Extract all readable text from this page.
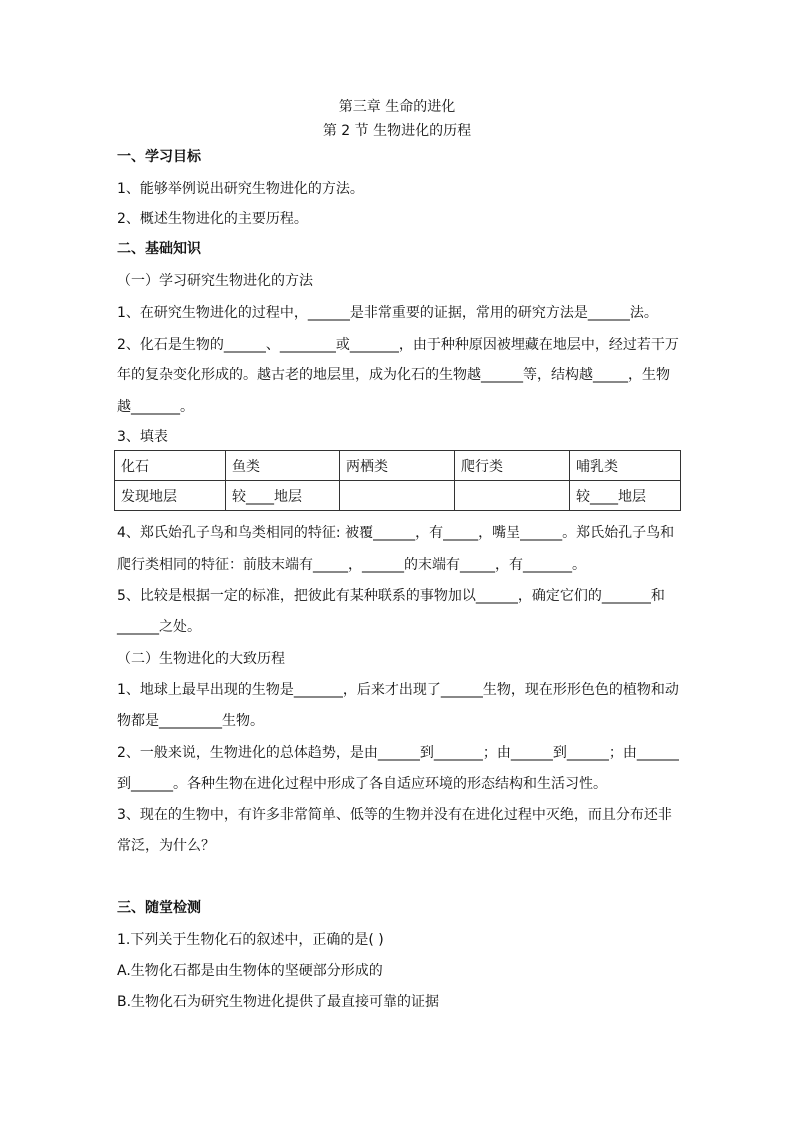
第三章 生命的进化
第 2 节 生物进化的历程
一、学习目标
1、能够举例说出研究生物进化的方法。
2、概述生物进化的主要历程。
二、基础知识
（一）学习研究生物进化的方法
1、在研究生物进化的过程中，______是非常重要的证据，常用的研究方法是______法。
2、化石是生物的______、________或_______，由于种种原因被埋藏在地层中，经过若干万
年的复杂变化形成的。越古老的地层里，成为化石的生物越______等，结构越_____，生物
越_______。
3、填表
化石	鱼类	两栖类	爬行类	哺乳类
发现地层	较____地层			较____地层
4、郑氏始孔子鸟和鸟类相同的特征: 被覆______，有_____，嘴呈______。郑氏始孔子鸟和
爬行类相同的特征：前肢末端有_____，______的末端有_____，有_______。
5、比较是根据一定的标准，把彼此有某种联系的事物加以______，确定它们的_______和
______之处。
（二）生物进化的大致历程
1、地球上最早出现的生物是_______，后来才出现了______生物，现在形形色色的植物和动
物都是_________生物。
2、一般来说，生物进化的总体趋势，是由______到_______；由______到______；由______
到______。各种生物在进化过程中形成了各自适应环境的形态结构和生活习性。
3、现在的生物中，有许多非常简单、低等的生物并没有在进化过程中灭绝，而且分布还非
常泛，为什么？
三、随堂检测
1.下列关于生物化石的叙述中，正确的是( )
A.生物化石都是由生物体的坚硬部分形成的
B.生物化石为研究生物进化提供了最直接可靠的证据
